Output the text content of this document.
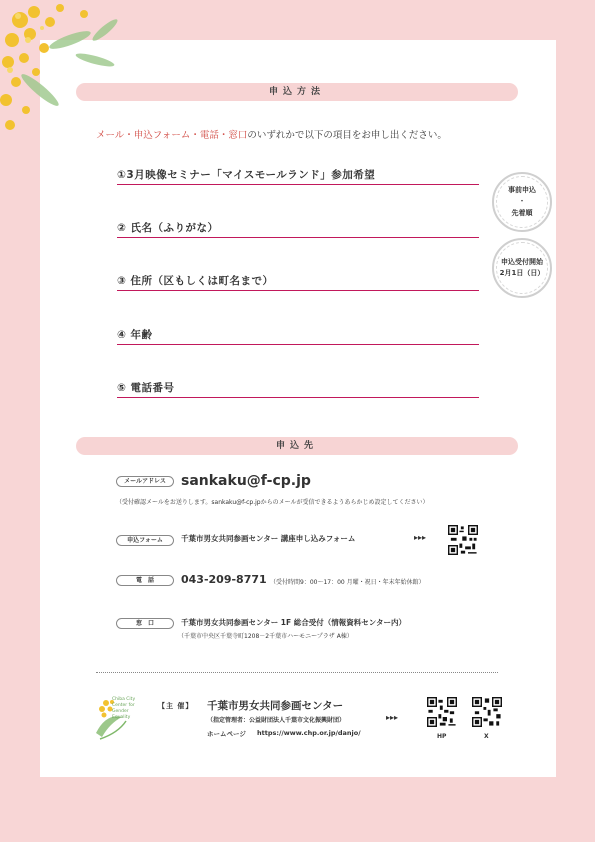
申込方法
メール・申込フォーム・電話・窓口のいずれかで以下の項目をお申し出ください。
①3月映像セミナー「マイスモールランド」参加希望
② 氏名（ふりがな）
③ 住所（区もしくは町名まで）
④ 年齢
⑤ 電話番号
事前申込
・
先着順
申込受付開始
2月1日（日）
申込先
メールアドレス	sankaku@f-cp.jp
（受付確認メールをお送りします。sankaku@f-cp.jpからのメールが受信できるようあらかじめ設定してください）
申込フォーム	千葉市男女共同参画センター 講座申し込みフォーム	▸▸▸
電　話	043-209-8771 （受付時間9：00～17：00 月曜・祝日・年末年始休館）
窓　口	千葉市男女共同参画センター 1F 総合受付（情報資料センター内）
（千葉市中央区千葉寺町1208－2千葉市ハーモニープラザ A棟）
Chiba City
Center for
Gender
Equality
【主 催】 千葉市男女共同参画センター
（指定管理者：公益財団法人千葉市文化振興財団）
ホームページ https://www.chp.or.jp/danjo/
▸▸▸
HP	X
